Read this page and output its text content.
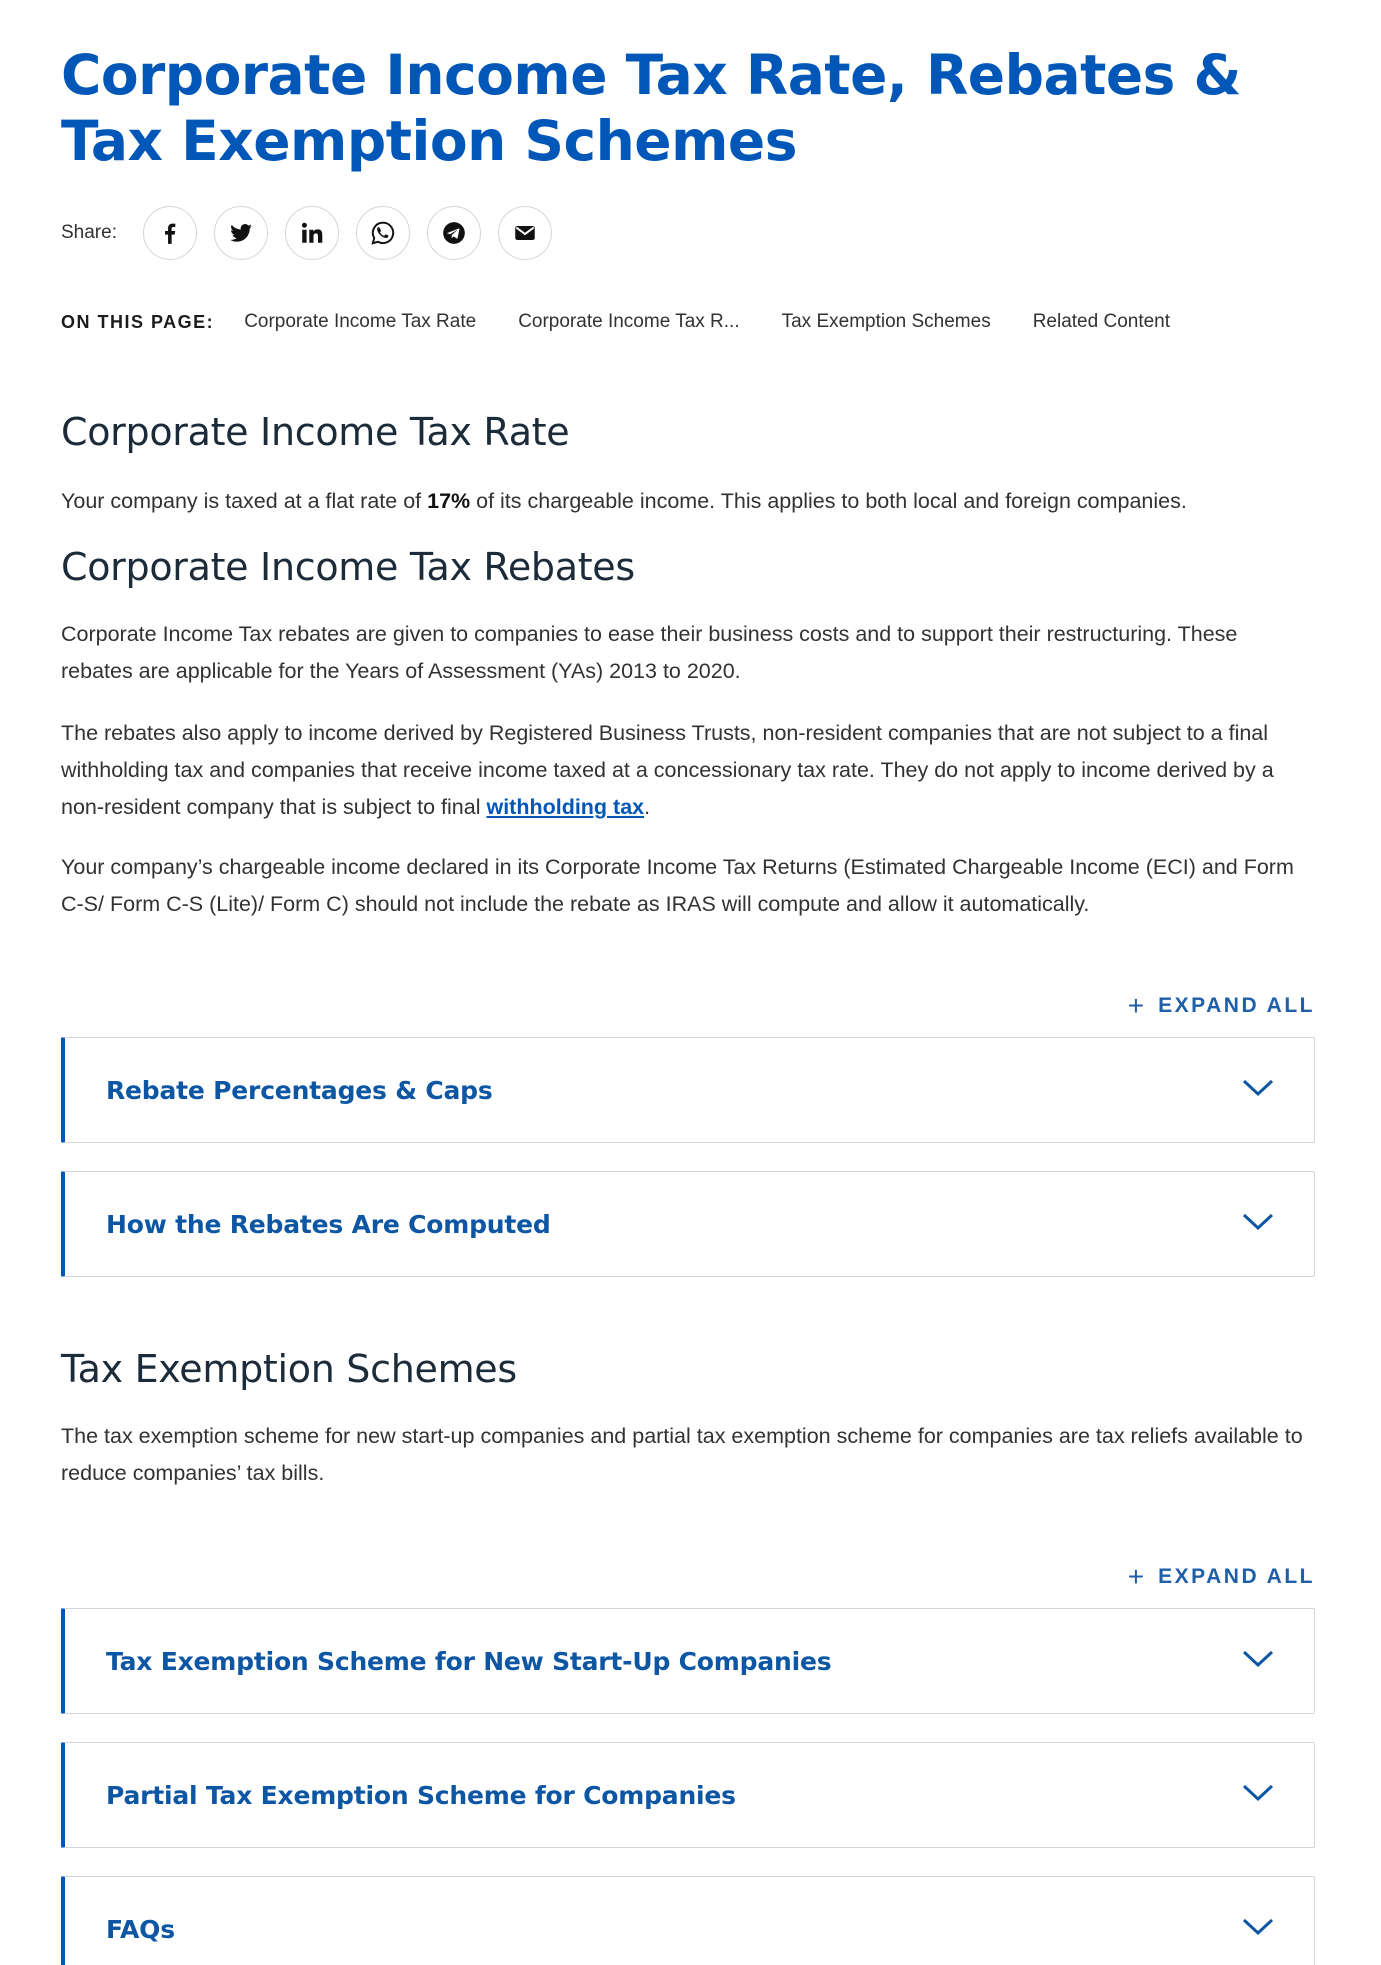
Corporate Income Tax Rate, Rebates & Tax Exemption Schemes
Share:
ON THIS PAGE: Corporate Income Tax Rate Corporate Income Tax R... Tax Exemption Schemes Related Content
Corporate Income Tax Rate

Your company is taxed at a flat rate of 17% of its chargeable income. This applies to both local and foreign companies.

Corporate Income Tax Rebates

Corporate Income Tax rebates are given to companies to ease their business costs and to support their restructuring. These rebates are applicable for the Years of Assessment (YAs) 2013 to 2020.

The rebates also apply to income derived by Registered Business Trusts, non-resident companies that are not subject to a final withholding tax and companies that receive income taxed at a concessionary tax rate. They do not apply to income derived by a non-resident company that is subject to final withholding tax.

Your company’s chargeable income declared in its Corporate Income Tax Returns (Estimated Chargeable Income (ECI) and Form C-S/ Form C-S (Lite)/ Form C) should not include the rebate as IRAS will compute and allow it automatically.

+ EXPAND ALL
Rebate Percentages & Caps
How the Rebates Are Computed
Tax Exemption Schemes

The tax exemption scheme for new start-up companies and partial tax exemption scheme for companies are tax reliefs available to reduce companies’ tax bills.

+ EXPAND ALL
Tax Exemption Scheme for New Start-Up Companies
Partial Tax Exemption Scheme for Companies
FAQs
